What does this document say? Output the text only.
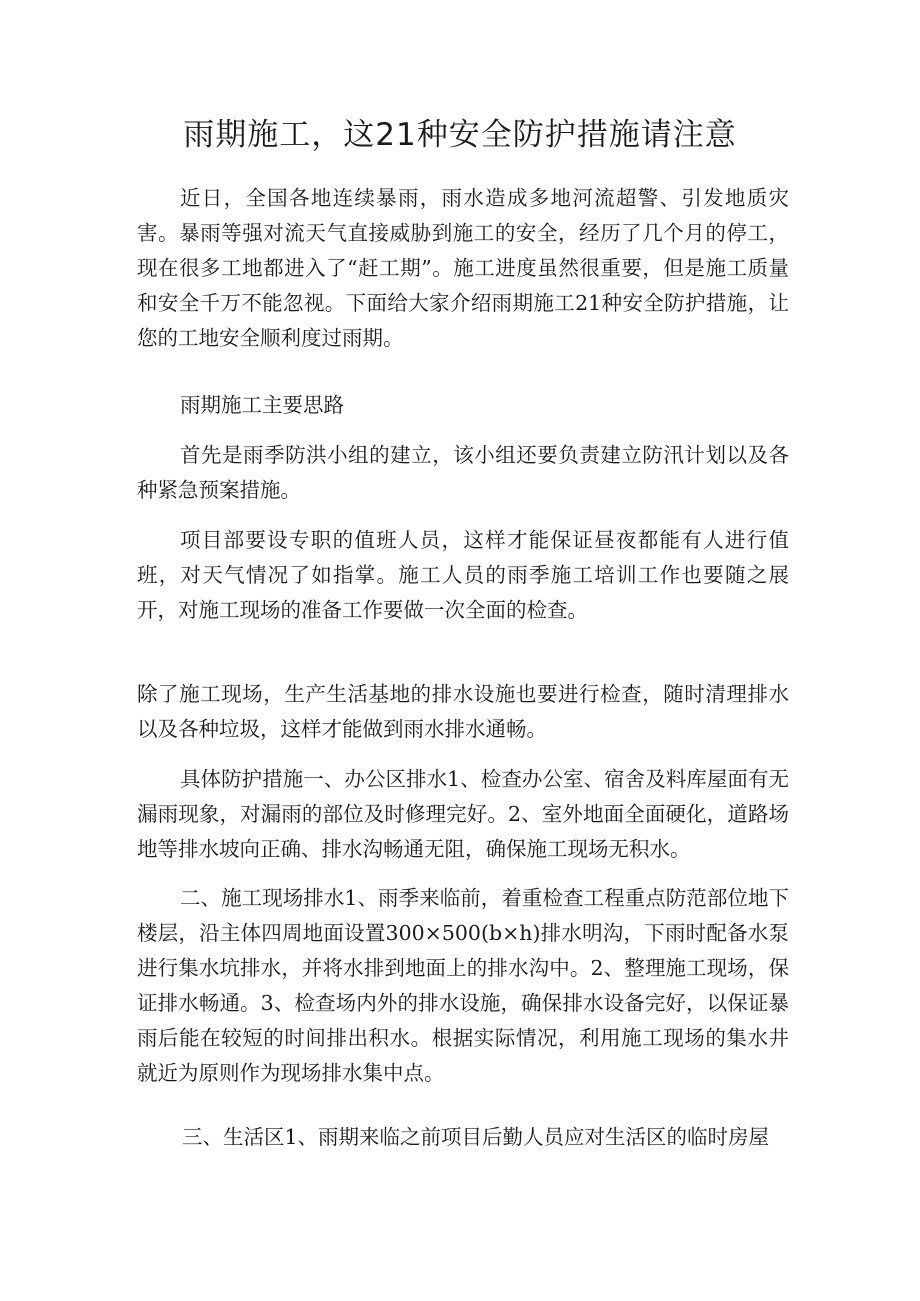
雨期施工，这21种安全防护措施请注意

近日，全国各地连续暴雨，雨水造成多地河流超警、引发地质灾害。暴雨等强对流天气直接威胁到施工的安全，经历了几个月的停工，现在很多工地都进入了“赶工期”。施工进度虽然很重要，但是施工质量和安全千万不能忽视。下面给大家介绍雨期施工21种安全防护措施，让您的工地安全顺利度过雨期。

雨期施工主要思路

首先是雨季防洪小组的建立，该小组还要负责建立防汛计划以及各种紧急预案措施。

项目部要设专职的值班人员，这样才能保证昼夜都能有人进行值班，对天气情况了如指掌。施工人员的雨季施工培训工作也要随之展开，对施工现场的准备工作要做一次全面的检查。

除了施工现场，生产生活基地的排水设施也要进行检查，随时清理排水以及各种垃圾，这样才能做到雨水排水通畅。

具体防护措施一、办公区排水1、检查办公室、宿舍及料库屋面有无漏雨现象，对漏雨的部位及时修理完好。2、室外地面全面硬化，道路场地等排水坡向正确、排水沟畅通无阻，确保施工现场无积水。

二、施工现场排水1、雨季来临前，着重检查工程重点防范部位地下楼层，沿主体四周地面设置300×500(b×h)排水明沟，下雨时配备水泵进行集水坑排水，并将水排到地面上的排水沟中。2、整理施工现场，保证排水畅通。3、检查场内外的排水设施，确保排水设备完好，以保证暴雨后能在较短的时间排出积水。根据实际情况，利用施工现场的集水井就近为原则作为现场排水集中点。

三、生活区1、雨期来临之前项目后勤人员应对生活区的临时房屋
